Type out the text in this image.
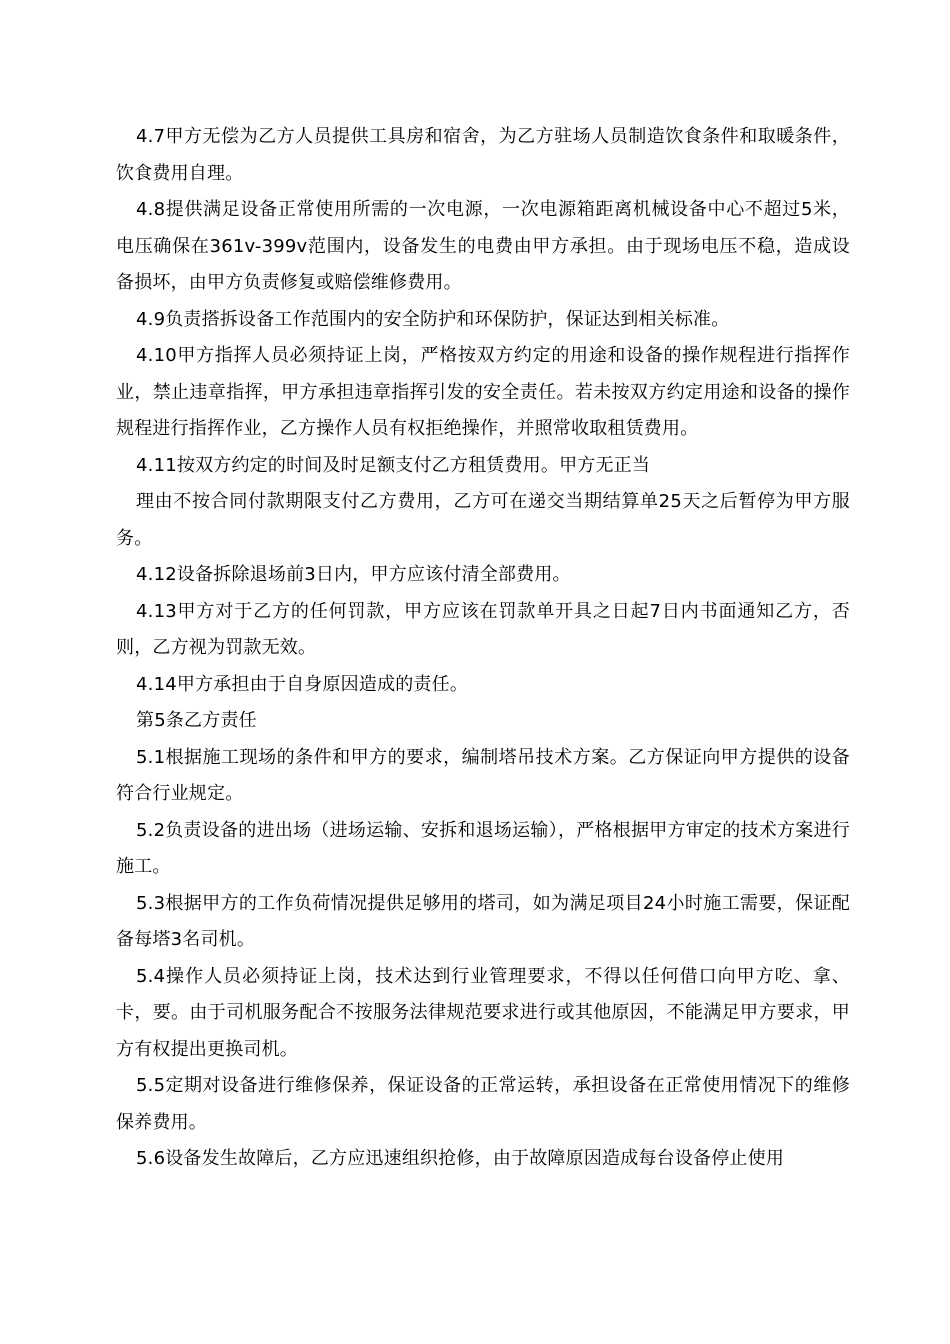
4.7甲方无偿为乙方人员提供工具房和宿舍，为乙方驻场人员制造饮食条件和取暖条件，饮食费用自理。

4.8提供满足设备正常使用所需的一次电源，一次电源箱距离机械设备中心不超过5米，电压确保在361v-399v范围内，设备发生的电费由甲方承担。由于现场电压不稳，造成设备损坏，由甲方负责修复或赔偿维修费用。

4.9负责搭拆设备工作范围内的安全防护和环保防护，保证达到相关标准。

4.10甲方指挥人员必须持证上岗，严格按双方约定的用途和设备的操作规程进行指挥作业，禁止违章指挥，甲方承担违章指挥引发的安全责任。若未按双方约定用途和设备的操作规程进行指挥作业，乙方操作人员有权拒绝操作，并照常收取租赁费用。

4.11按双方约定的时间及时足额支付乙方租赁费用。甲方无正当

理由不按合同付款期限支付乙方费用，乙方可在递交当期结算单25天之后暂停为甲方服务。

4.12设备拆除退场前3日内，甲方应该付清全部费用。

4.13甲方对于乙方的任何罚款，甲方应该在罚款单开具之日起7日内书面通知乙方，否则，乙方视为罚款无效。

4.14甲方承担由于自身原因造成的责任。

第5条乙方责任

5.1根据施工现场的条件和甲方的要求，编制塔吊技术方案。乙方保证向甲方提供的设备符合行业规定。

5.2负责设备的进出场（进场运输、安拆和退场运输），严格根据甲方审定的技术方案进行施工。

5.3根据甲方的工作负荷情况提供足够用的塔司，如为满足项目24小时施工需要，保证配备每塔3名司机。

5.4操作人员必须持证上岗，技术达到行业管理要求，不得以任何借口向甲方吃、拿、卡，要。由于司机服务配合不按服务法律规范要求进行或其他原因，不能满足甲方要求，甲方有权提出更换司机。

5.5定期对设备进行维修保养，保证设备的正常运转，承担设备在正常使用情况下的维修保养费用。

5.6设备发生故障后，乙方应迅速组织抢修，由于故障原因造成每台设备停止使用
